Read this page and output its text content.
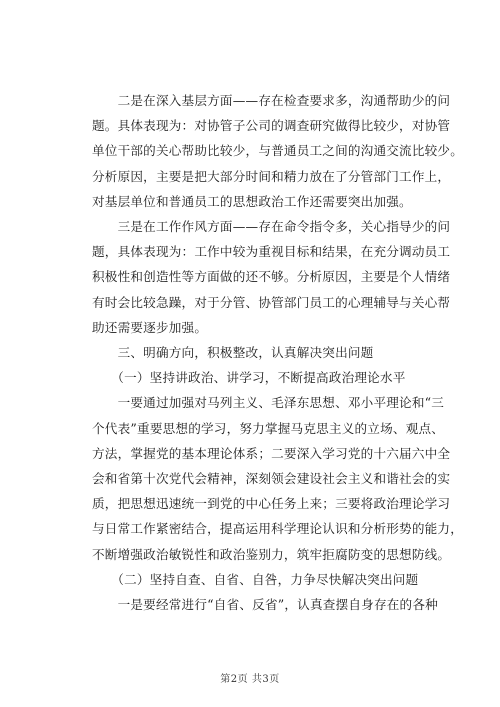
　　二是在深入基层方面——存在检查要求多，沟通帮助少的问
题。具体表现为：对协管子公司的调查研究做得比较少，对协管
单位干部的关心帮助比较少，与普通员工之间的沟通交流比较少。
分析原因，主要是把大部分时间和精力放在了分管部门工作上，
对基层单位和普通员工的思想政治工作还需要突出加强。
　　三是在工作作风方面——存在命令指令多，关心指导少的问
题，具体表现为：工作中较为重视目标和结果，在充分调动员工
积极性和创造性等方面做的还不够。分析原因，主要是个人情绪
有时会比较急躁，对于分管、协管部门员工的心理辅导与关心帮
助还需要逐步加强。
　　三、明确方向，积极整改，认真解决突出问题
　　（一）坚持讲政治、讲学习，不断提高政治理论水平
　　一要通过加强对马列主义、毛泽东思想、邓小平理论和“三
个代表”重要思想的学习，努力掌握马克思主义的立场、观点、
方法，掌握党的基本理论体系；二要深入学习党的十六届六中全
会和省第十次党代会精神，深刻领会建设社会主义和谐社会的实
质，把思想迅速统一到党的中心任务上来；三要将政治理论学习
与日常工作紧密结合，提高运用科学理论认识和分析形势的能力，
不断增强政治敏锐性和政治鉴别力，筑牢拒腐防变的思想防线。
　　（二）坚持自查、自省、自咎，力争尽快解决突出问题
　　一是要经常进行“自省、反省”，认真查摆自身存在的各种

第2页 共3页
